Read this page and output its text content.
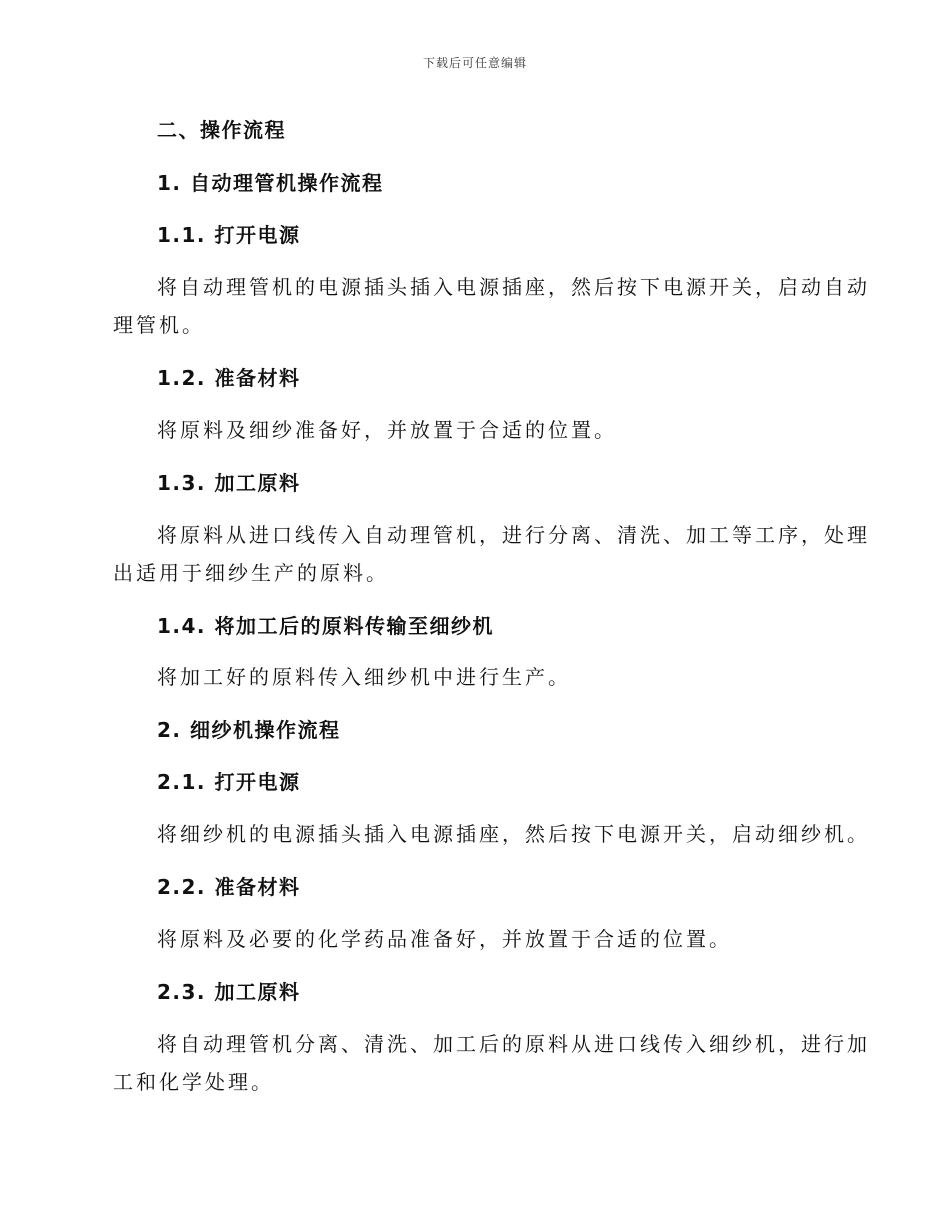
下载后可任意编辑
二、操作流程
1. 自动理管机操作流程
1.1. 打开电源
将自动理管机的电源插头插入电源插座，然后按下电源开关，启动自动
理管机。
1.2. 准备材料
将原料及细纱准备好，并放置于合适的位置。
1.3. 加工原料
将原料从进口线传入自动理管机，进行分离、清洗、加工等工序，处理
出适用于细纱生产的原料。
1.4. 将加工后的原料传输至细纱机
将加工好的原料传入细纱机中进行生产。
2. 细纱机操作流程
2.1. 打开电源
将细纱机的电源插头插入电源插座，然后按下电源开关，启动细纱机。
2.2. 准备材料
将原料及必要的化学药品准备好，并放置于合适的位置。
2.3. 加工原料
将自动理管机分离、清洗、加工后的原料从进口线传入细纱机，进行加
工和化学处理。
